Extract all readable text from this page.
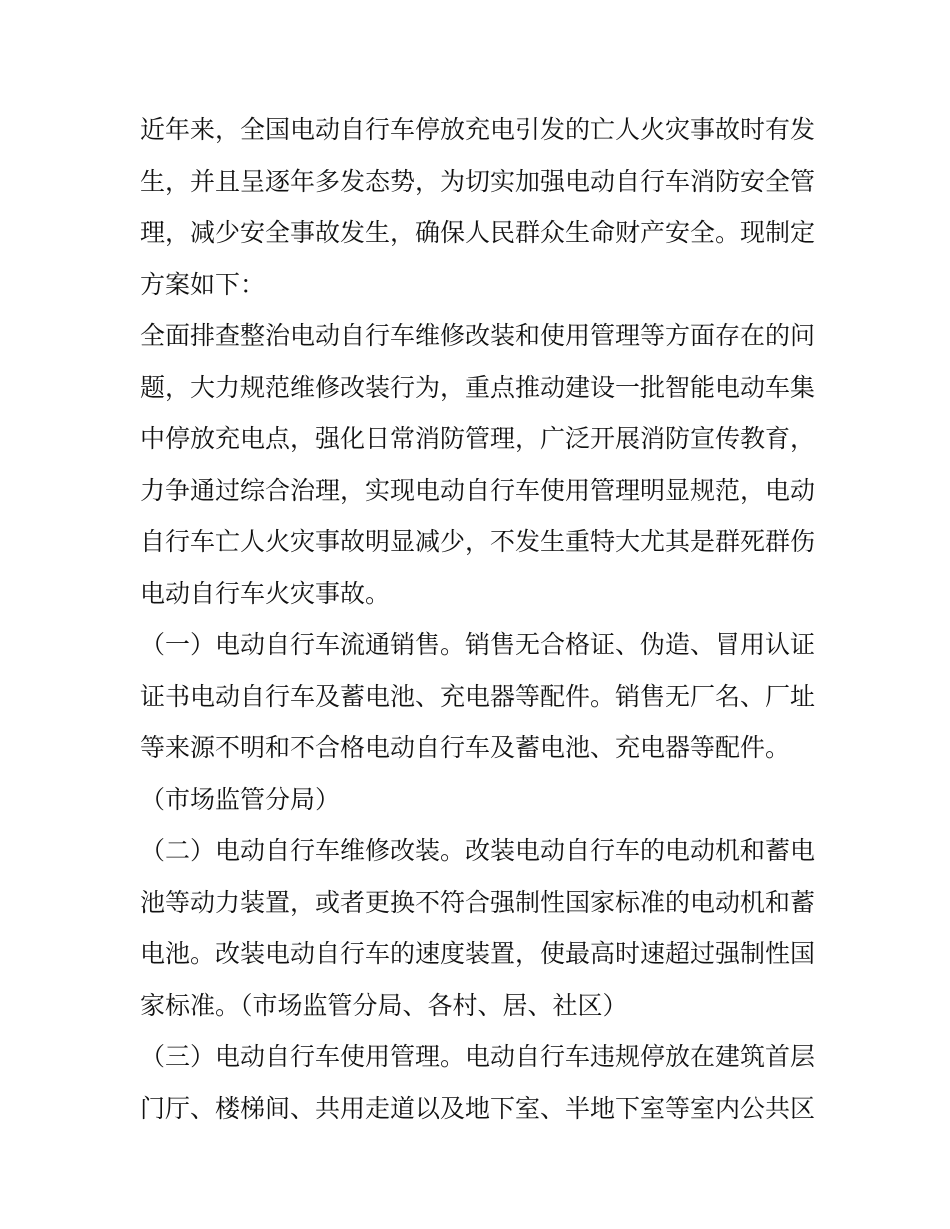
近年来，全国电动自行车停放充电引发的亡人火灾事故时有发
生，并且呈逐年多发态势，为切实加强电动自行车消防安全管
理，减少安全事故发生，确保人民群众生命财产安全。现制定
方案如下：
全面排查整治电动自行车维修改装和使用管理等方面存在的问
题，大力规范维修改装行为，重点推动建设一批智能电动车集
中停放充电点，强化日常消防管理，广泛开展消防宣传教育，
力争通过综合治理，实现电动自行车使用管理明显规范，电动
自行车亡人火灾事故明显减少，不发生重特大尤其是群死群伤
电动自行车火灾事故。
（一）电动自行车流通销售。销售无合格证、伪造、冒用认证
证书电动自行车及蓄电池、充电器等配件。销售无厂名、厂址
等来源不明和不合格电动自行车及蓄电池、充电器等配件。
（市场监管分局）
（二）电动自行车维修改装。改装电动自行车的电动机和蓄电
池等动力装置，或者更换不符合强制性国家标准的电动机和蓄
电池。改装电动自行车的速度装置，使最高时速超过强制性国
家标准。（市场监管分局、各村、居、社区）
（三）电动自行车使用管理。电动自行车违规停放在建筑首层
门厅、楼梯间、共用走道以及地下室、半地下室等室内公共区
